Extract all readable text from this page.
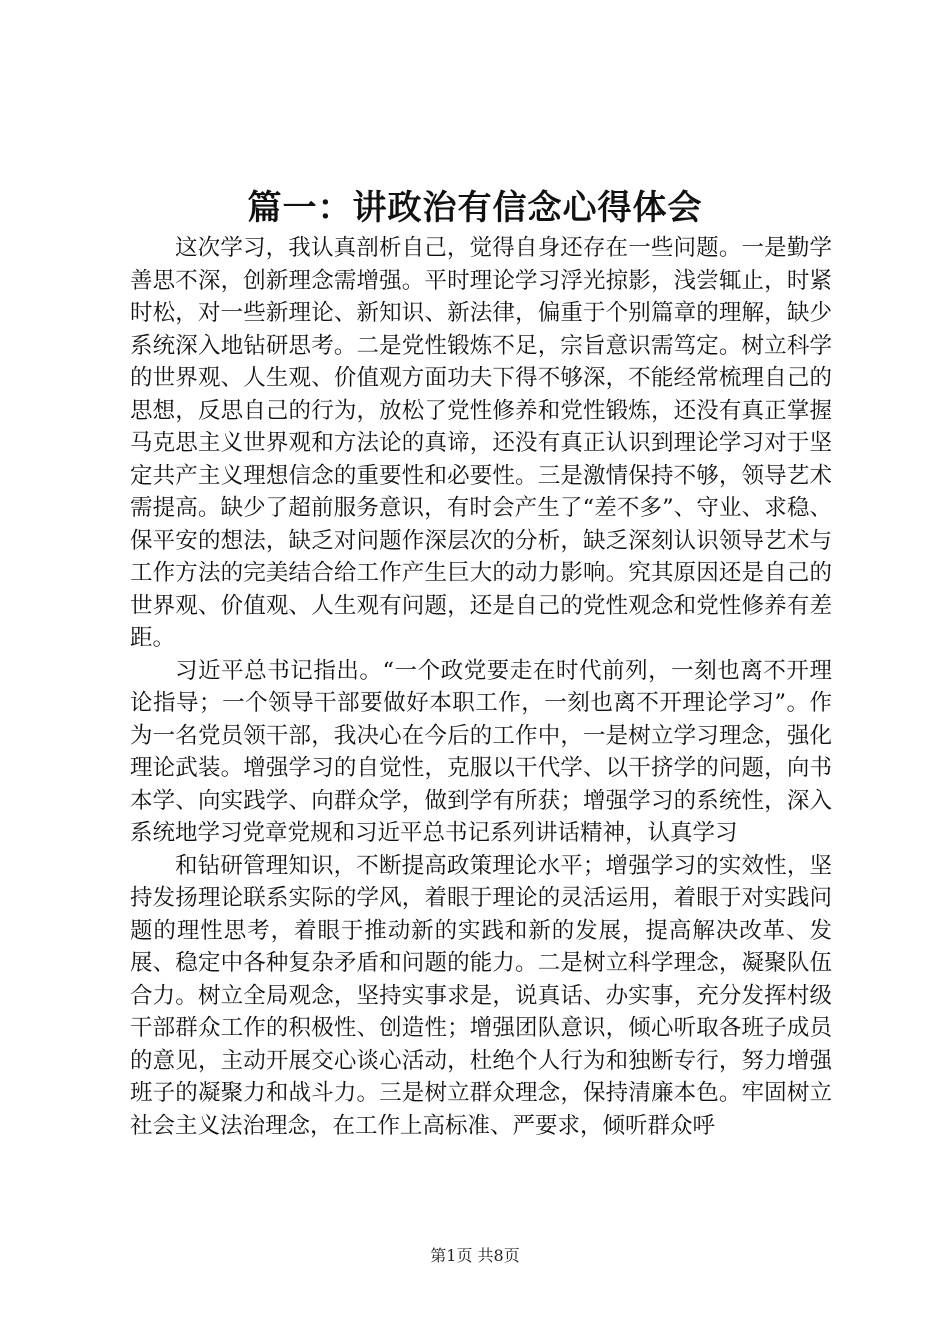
篇一：讲政治有信念心得体会

这次学习，我认真剖析自己，觉得自身还存在一些问题。一是勤学善思不深，创新理念需增强。平时理论学习浮光掠影，浅尝辄止，时紧时松，对一些新理论、新知识、新法律，偏重于个别篇章的理解，缺少系统深入地钻研思考。二是党性锻炼不足，宗旨意识需笃定。树立科学的世界观、人生观、价值观方面功夫下得不够深，不能经常梳理自己的思想，反思自己的行为，放松了党性修养和党性锻炼，还没有真正掌握马克思主义世界观和方法论的真谛，还没有真正认识到理论学习对于坚定共产主义理想信念的重要性和必要性。三是激情保持不够，领导艺术需提高。缺少了超前服务意识，有时会产生了“差不多”、守业、求稳、保平安的想法，缺乏对问题作深层次的分析，缺乏深刻认识领导艺术与工作方法的完美结合给工作产生巨大的动力影响。究其原因还是自己的世界观、价值观、人生观有问题，还是自己的党性观念和党性修养有差距。

习近平总书记指出。“一个政党要走在时代前列，一刻也离不开理论指导；一个领导干部要做好本职工作，一刻也离不开理论学习”。作为一名党员领干部，我决心在今后的工作中，一是树立学习理念，强化理论武装。增强学习的自觉性，克服以干代学、以干挤学的问题，向书本学、向实践学、向群众学，做到学有所获；增强学习的系统性，深入系统地学习党章党规和习近平总书记系列讲话精神，认真学习

和钻研管理知识，不断提高政策理论水平；增强学习的实效性，坚持发扬理论联系实际的学风，着眼于理论的灵活运用，着眼于对实践问题的理性思考，着眼于推动新的实践和新的发展，提高解决改革、发展、稳定中各种复杂矛盾和问题的能力。二是树立科学理念，凝聚队伍合力。树立全局观念，坚持实事求是，说真话、办实事，充分发挥村级干部群众工作的积极性、创造性；增强团队意识，倾心听取各班子成员的意见，主动开展交心谈心活动，杜绝个人行为和独断专行，努力增强班子的凝聚力和战斗力。三是树立群众理念，保持清廉本色。牢固树立社会主义法治理念，在工作上高标准、严要求，倾听群众呼

第1页 共8页
